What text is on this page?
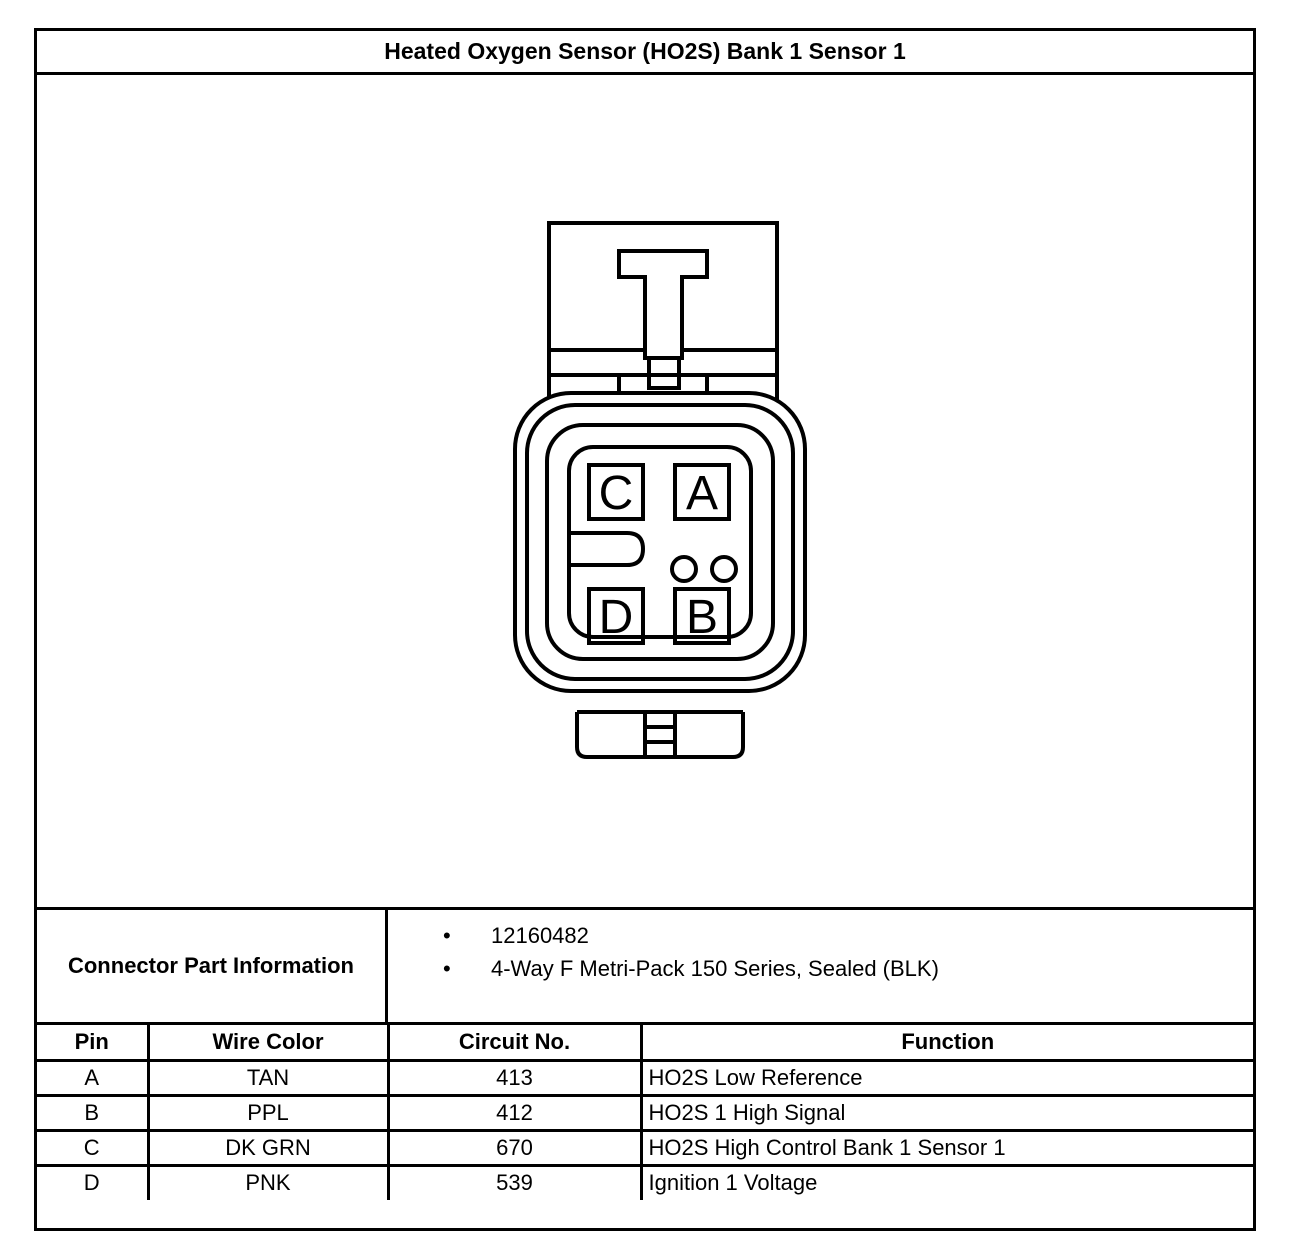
Heated Oxygen Sensor (HO2S) Bank 1 Sensor 1
C A
D B
Connector Part Information
• 12160482
• 4-Way F Metri-Pack 150 Series, Sealed (BLK)
Pin	Wire Color	Circuit No.	Function
A	TAN	413	HO2S Low Reference
B	PPL	412	HO2S 1 High Signal
C	DK GRN	670	HO2S High Control Bank 1 Sensor 1
D	PNK	539	Ignition 1 Voltage
